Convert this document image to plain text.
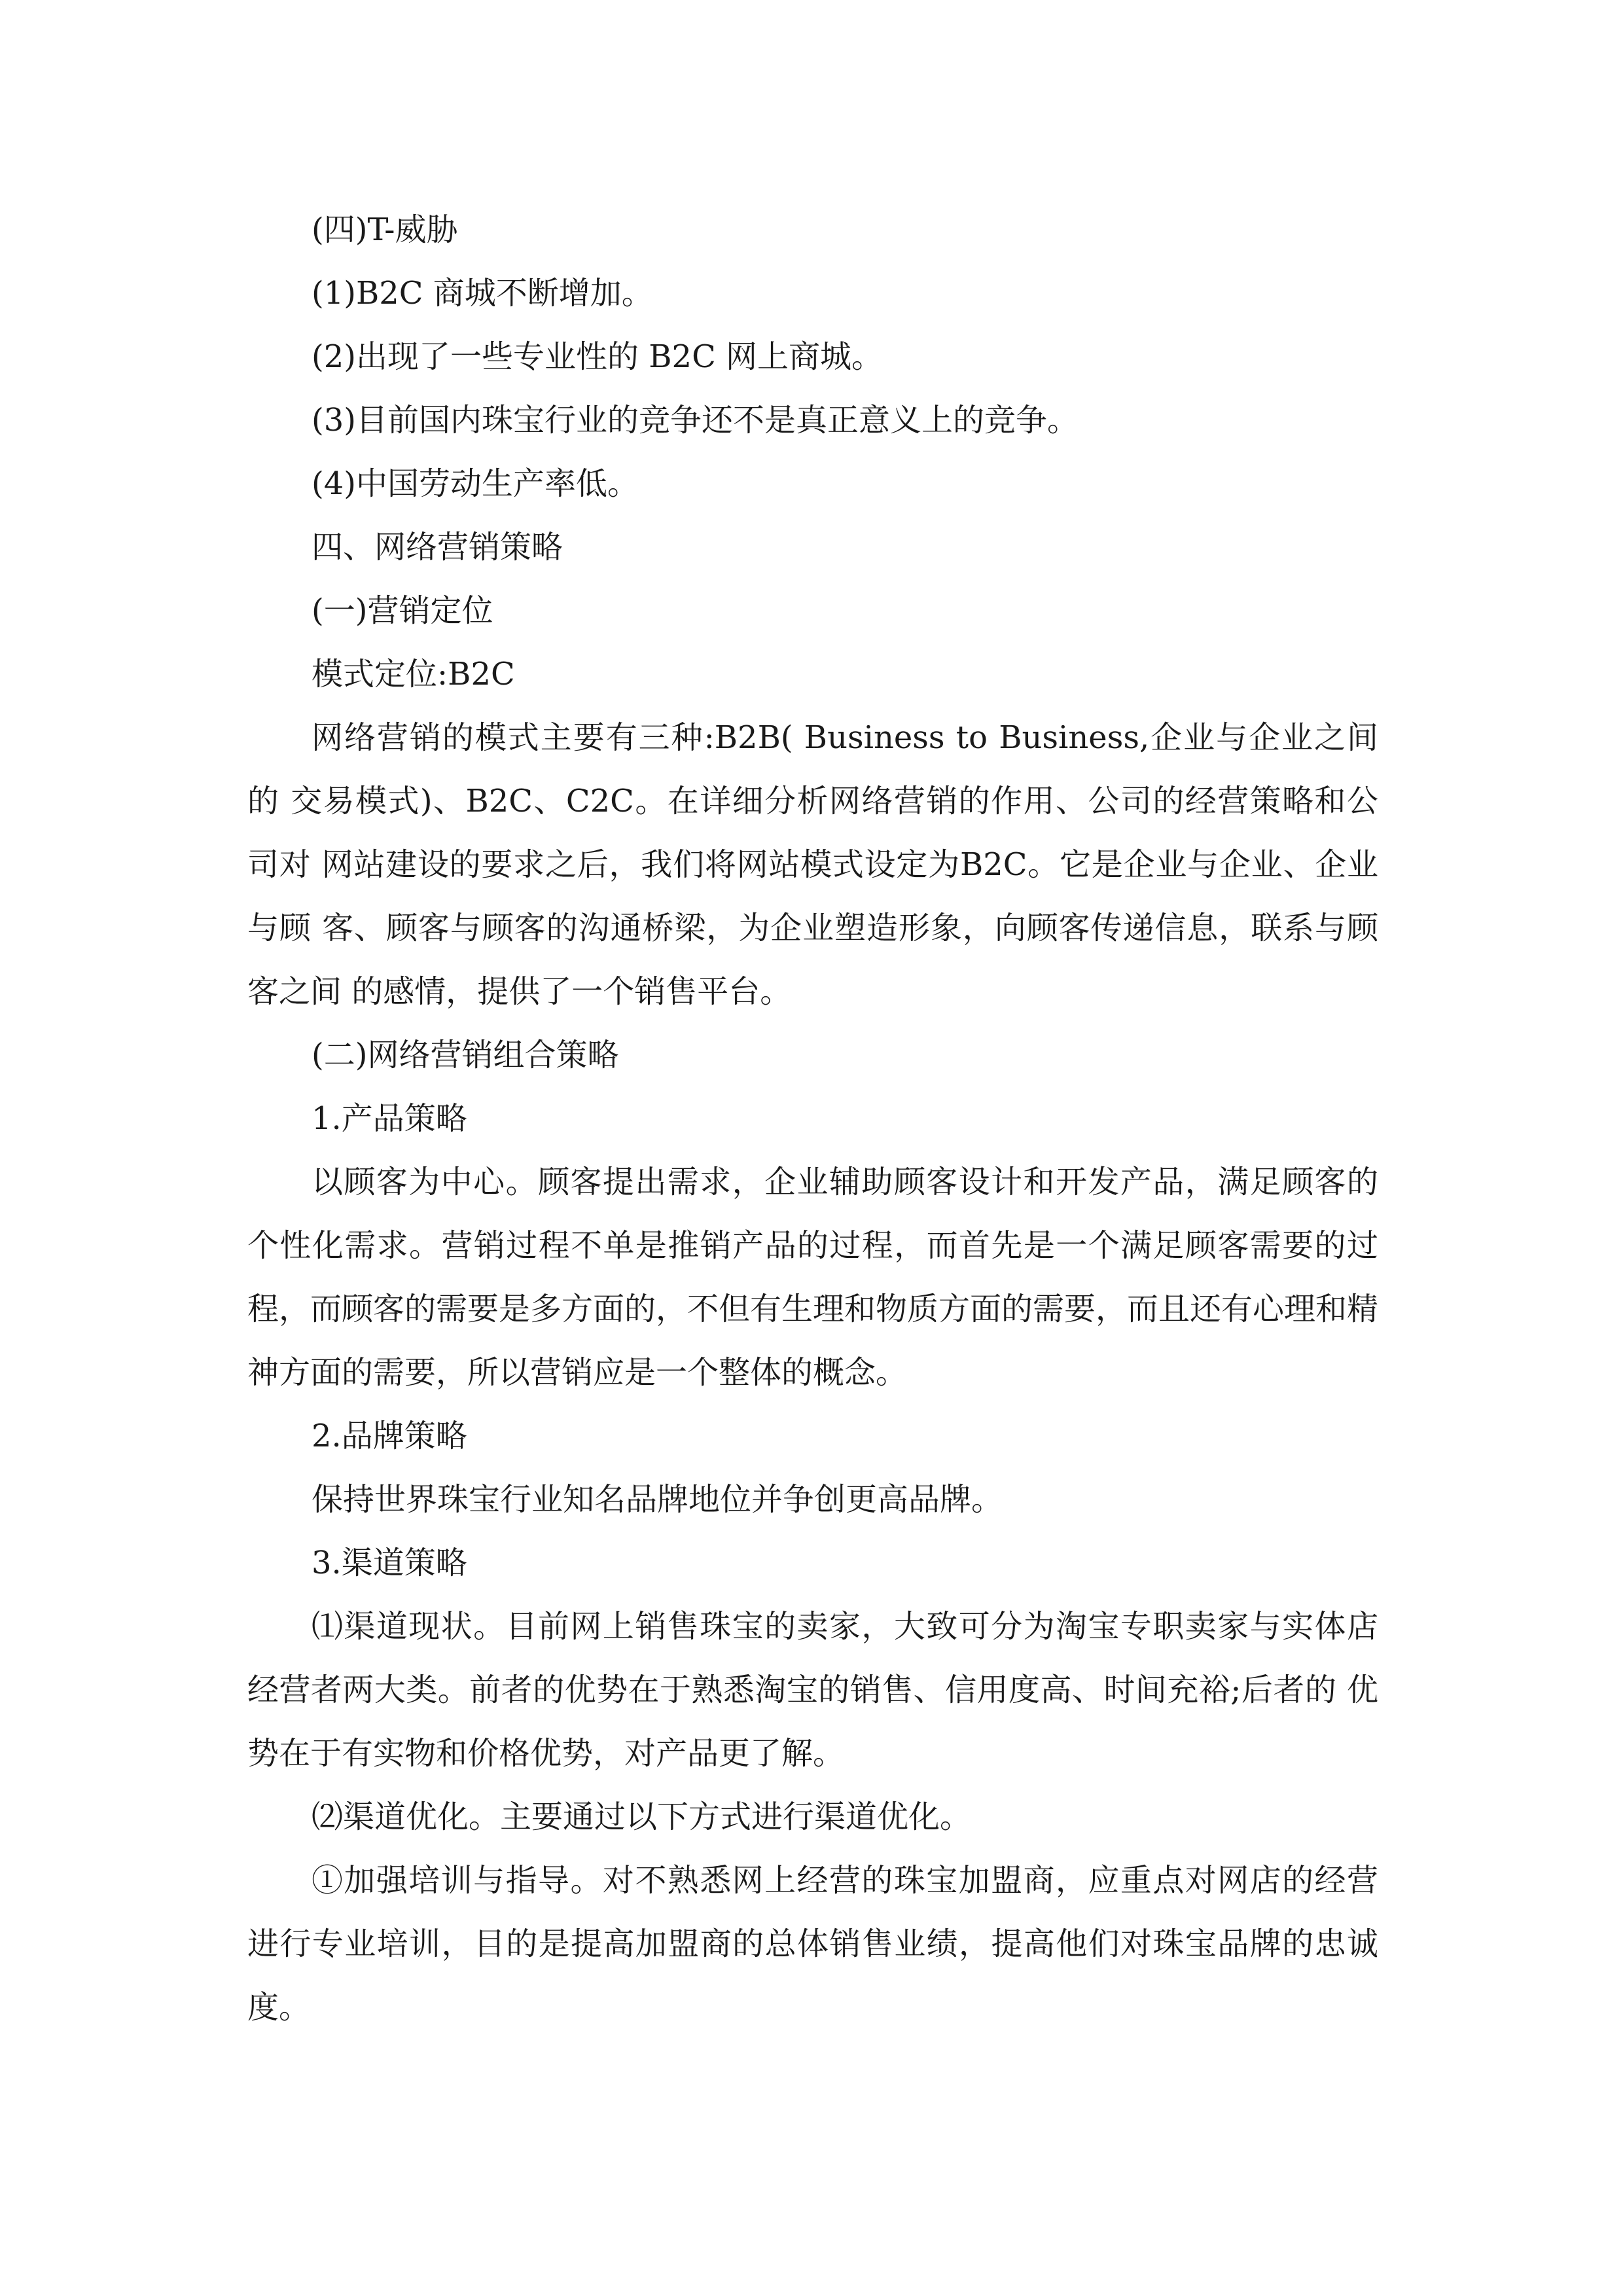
(四)T-威胁

(1)B2C 商城不断增加。

(2)出现了一些专业性的 B2C 网上商城。

(3)目前国内珠宝行业的竞争还不是真正意义上的竞争。

(4)中国劳动生产率低。

四、网络营销策略

(一)营销定位

模式定位:B2C

网络营销的模式主要有三种:B2B( Business to Business,企业与企业之间的 交易模式)、B2C、C2C。在详细分析网络营销的作用、公司的经营策略和公司对 网站建设的要求之后，我们将网站模式设定为B2C。它是企业与企业、企业与顾 客、顾客与顾客的沟通桥梁，为企业塑造形象，向顾客传递信息，联系与顾客之间 的感情，提供了一个销售平台。

(二)网络营销组合策略

1.产品策略

以顾客为中心。顾客提出需求，企业辅助顾客设计和开发产品，满足顾客的个性化需求。营销过程不单是推销产品的过程，而首先是一个满足顾客需要的过程，而顾客的需要是多方面的，不但有生理和物质方面的需要，而且还有心理和精 神方面的需要，所以营销应是一个整体的概念。

2.品牌策略

保持世界珠宝行业知名品牌地位并争创更高品牌。

3.渠道策略

⑴渠道现状。目前网上销售珠宝的卖家，大致可分为淘宝专职卖家与实体店经营者两大类。前者的优势在于熟悉淘宝的销售、信用度高、时间充裕;后者的 优势在于有实物和价格优势，对产品更了解。

⑵渠道优化。主要通过以下方式进行渠道优化。

①加强培训与指导。对不熟悉网上经营的珠宝加盟商，应重点对网店的经营进行专业培训，目的是提高加盟商的总体销售业绩，提高他们对珠宝品牌的忠诚度。
